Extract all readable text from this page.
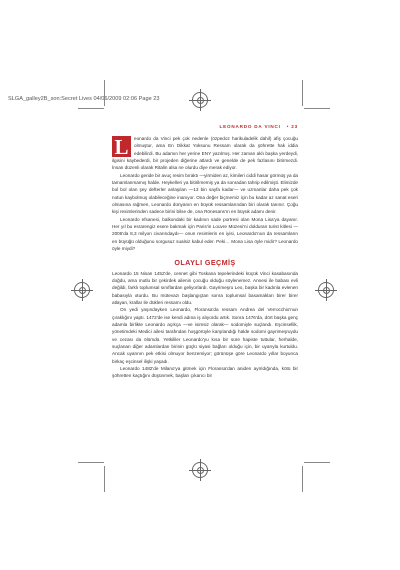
SLGA_galley2B_son:Secret Lives 04/06/2009 02:06 Page 23
LEONARDO DA VINCI • 23
L	eonardo da Vinci pek çok nedenle (özpedoz harikuladelik dahil) afiş çocuğu olmuştur, ama En Dikkat Yoksunu Ressam olarak da şöhrette hak iddia edebilirdi. Bu adamın her yerine ENY yazılmış. Her zaman aklı başka yerdeydi, ilgisini kaybederdi, bir projeden diğerine atlardı ve genelde de pek fazlasını bitirmezdi. İnsan düzenli olarak Ritalin alsa ne olurdu diye merak ediyor.

Leonardo geride bir avuç resim bıraktı —yirmiden az, kimileri ciddi hasar görmüş ya da tamamlanmamış halde. Heykelleri ya bitirilmemiş ya da sonradan tahrip edilmişti. Elimizde bol bol olan şey defterler anlaşılan —13 bin sayfa kadar— ve uzmanlar daha pek çok notun kaybolmuş olabileceğine inanıyor. Ona değer biçmemiz için bu kadar az sanat eseri olmasına rağmen, Leonardo dünyanın en büyük ressamlarından biri olarak tanınır. Çoğu kişi resimlerinden sadece birini bilse de, ona Rönesans'ın en büyük adamı denir.

Leonardo efsanesi, balkondaki bir kadının sade portresi olan Mona Lisa'ya dayanır. Her yıl bu esrarengiz esere bakmak için Paris'in Louvre Müzesi'ni dolduran turist kitlesi —2006'da 8,3 milyon civarındaydı— onun resimlerin en iyisi, Leonardo'nun da ressamların en büyüğü olduğunu sorgusuz sualsiz kabul eder. Peki… Mona Lisa öyle midir? Leonardo öyle miydi?

OLAYLI GEÇMİŞ

Leonardo 15 Nisan 1452'de, cennet gibi Toskana tepelerindeki küçük Vinci kasabasında doğdu, ama mutlu bir çekirdek ailenin çocuğu olduğu söylenemez. Annesi ile babası evli değildi, farklı toplumsal sınıflardan geliyorlardı. Gayrimeşru Leo, başka bir kadınla evlenen babasıyla oturdu. Bu mütevazı başlangıçtan sonra toplumsal basamakları birer birer atlayan, krallar ile dükleri ressamı oldu.

On yedi yaşındayken Leonardo, Floransa'da ressam Andrea del Verrocchio'nun çıraklığını yaptı. 1472'de ise kendi adına iş alıyordu artık. Sonra 1476'da, dört başka genç adamla birlikte Leonardo açıkça —ve isimsiz olarak— sodomiyle suçlandı. Eşcinsellik, yönetimdeki Medici ailesi tarafından hoşgörüyle karşılandığı halde sodomi gayrimeşruydu ve cezası da ölümdü. Yetkililer Leonardo'yu kısa bir süre hapiste tuttular, herhalde, suçlanan diğer adamlardan birinin güçlü siyasi bağları olduğu için, bir uyarıyla kurtuldu. Ancak uyarının pek etkisi olmuyor benzemiyor; görünüşe göre Leonardo yıllar boyunca birkaç eşcinsel ilişki yaşadı.

Leonardo 1482'de Milano'ya gitmek için Floransa'dan aniden ayrıldığında, kötü bir şöhretten kaçtığını düşünmek, başları çıkarıcı bir
